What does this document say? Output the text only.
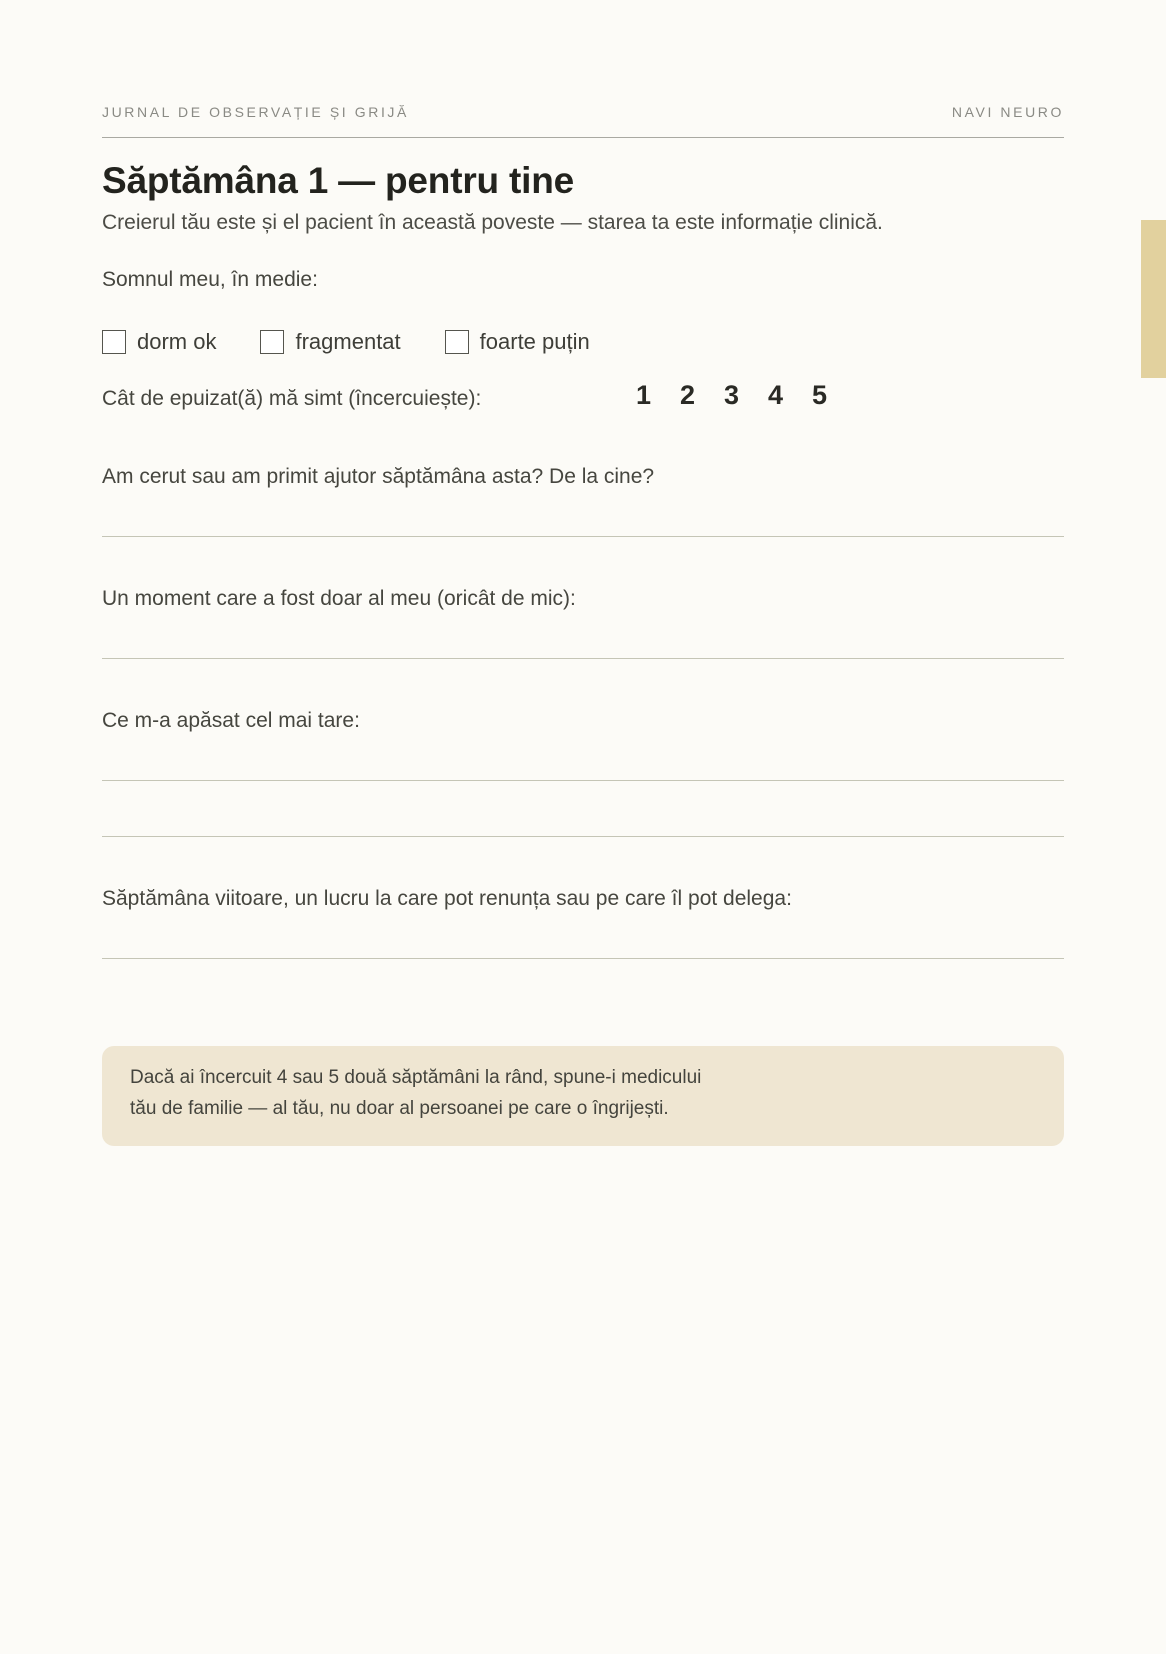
JURNAL DE OBSERVAȚIE ȘI GRIJĂ	NAVI NEURO
Săptămâna 1 — pentru tine
Creierul tău este și el pacient în această poveste — starea ta este informație clinică.
Somnul meu, în medie:
dorm ok	fragmentat	foarte puțin
Cât de epuizat(ă) mă simt (încercuiește):	1	2	3	4	5
Am cerut sau am primit ajutor săptămâna asta? De la cine?
Un moment care a fost doar al meu (oricât de mic):
Ce m-a apăsat cel mai tare:
Săptămâna viitoare, un lucru la care pot renunța sau pe care îl pot delega:
Dacă ai încercuit 4 sau 5 două săptămâni la rând, spune-i medicului
tău de familie — al tău, nu doar al persoanei pe care o îngrijești.
